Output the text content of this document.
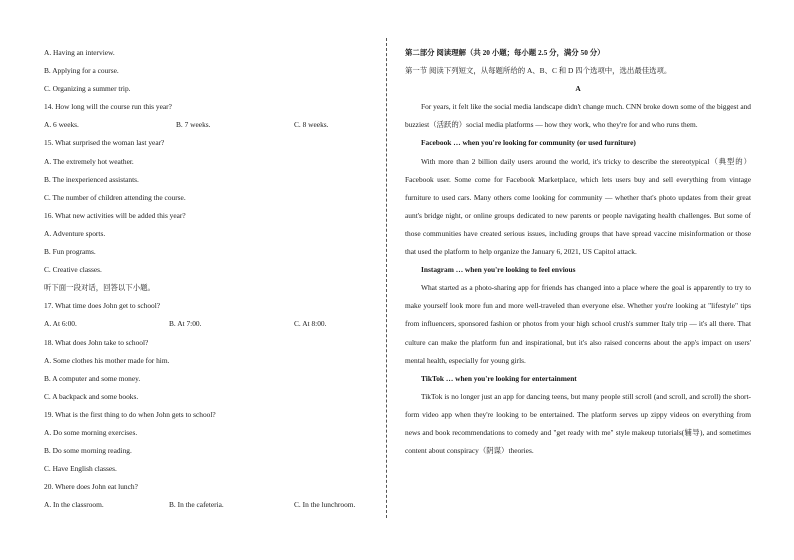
A. Having an interview.
B. Applying for a course.
C. Organizing a summer trip.
14. How long will the course run this year?
A. 6 weeks.	B. 7 weeks.	C. 8 weeks.
15. What surprised the woman last year?
A. The extremely hot weather.
B. The inexperienced assistants.
C. The number of children attending the course.
16. What new activities will be added this year?
A. Adventure sports.
B. Fun programs.
C. Creative classes.
听下面一段对话，回答以下小题。
17. What time does John get to school?
A. At 6:00.	B. At 7:00.	C. At 8:00.
18. What does John take to school?
A. Some clothes his mother made for him.
B. A computer and some money.
C. A backpack and some books.
19. What is the first thing to do when John gets to school?
A. Do some morning exercises.
B. Do some morning reading.
C. Have English classes.
20. Where does John eat lunch?
A. In the classroom.	B. In the cafeteria.	C. In the lunchroom.
第二部分 阅读理解（共 20 小题；每小题 2.5 分，满分 50 分）
第一节 阅读下列短文，从每题所给的 A、B、C 和 D 四个选项中，选出最佳选项。
A

For years, it felt like the social media landscape didn't change much. CNN broke down some of the biggest and buzziest（活跃的）social media platforms — how they work, who they're for and who runs them.

Facebook … when you're looking for community (or used furniture)

With more than 2 billion daily users around the world, it's tricky to describe the stereotypical（典型的）Facebook user. Some come for Facebook Marketplace, which lets users buy and sell everything from vintage furniture to used cars. Many others come looking for community — whether that's photo updates from their great aunt's bridge night, or online groups dedicated to new parents or people navigating health challenges. But some of those communities have created serious issues, including groups that have spread vaccine misinformation or those that used the platform to help organize the January 6, 2021, US Capitol attack.

Instagram … when you're looking to feel envious

What started as a photo-sharing app for friends has changed into a place where the goal is apparently to try to make yourself look more fun and more well-traveled than everyone else. Whether you're looking at "lifestyle" tips from influencers, sponsored fashion or photos from your high school crush's summer Italy trip — it's all there. That culture can make the platform fun and inspirational, but it's also raised concerns about the app's impact on users' mental health, especially for young girls.

TikTok … when you're looking for entertainment

TikTok is no longer just an app for dancing teens, but many people still scroll (and scroll, and scroll) the short-form video app when they're looking to be entertained. The platform serves up zippy videos on everything from news and book recommendations to comedy and "get ready with me" style makeup tutorials(辅导), and sometimes content about conspiracy（阴谋）theories.
